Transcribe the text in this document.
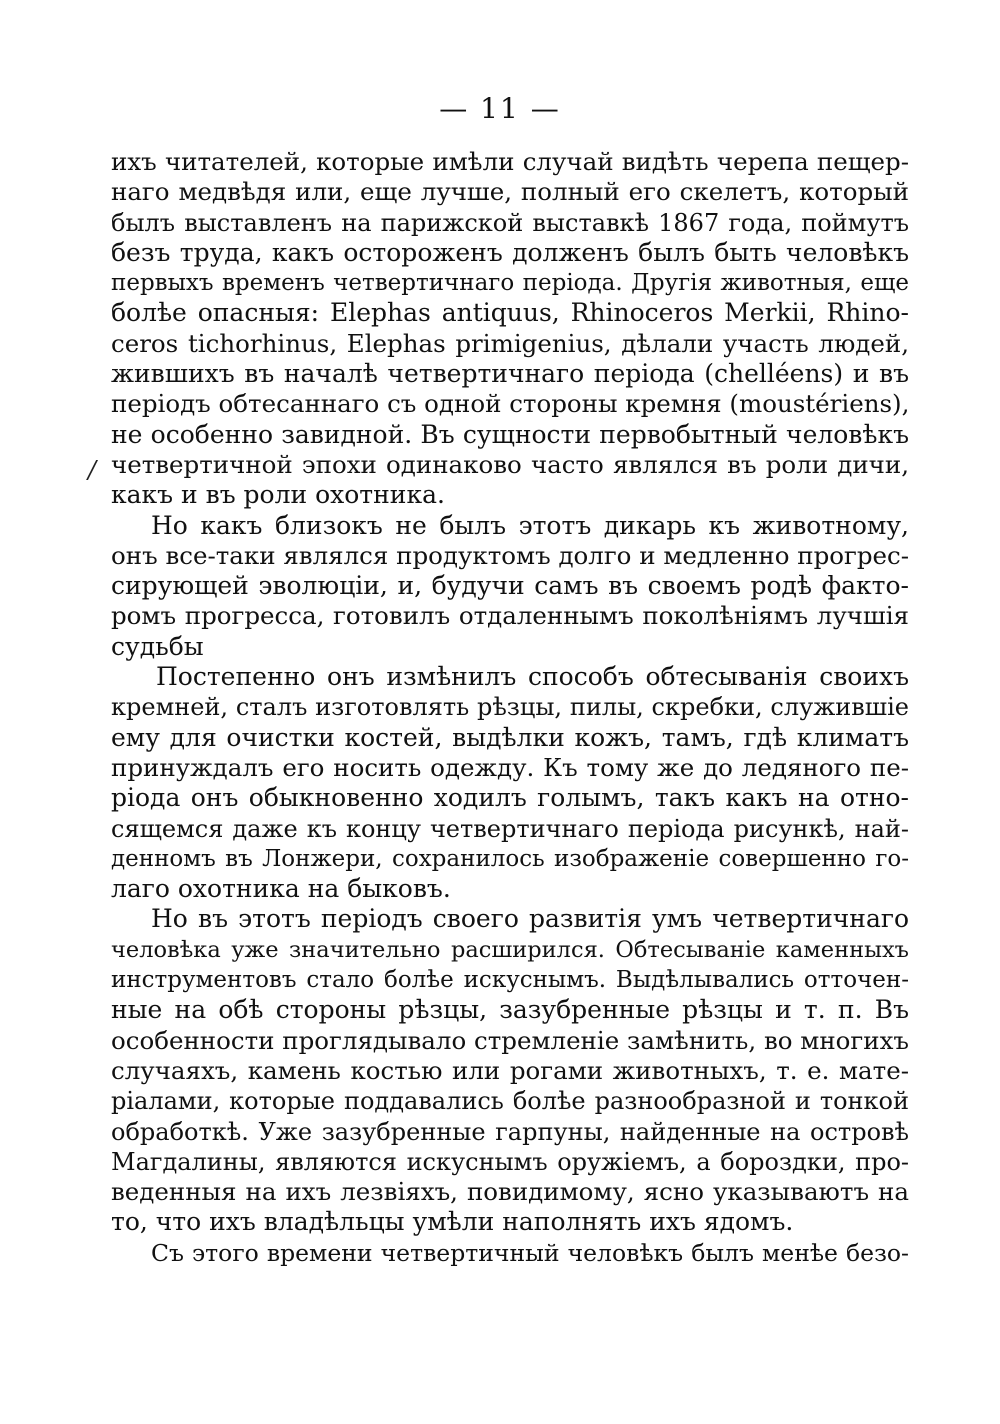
— 11 —
/
ихъ читателей, которые имѣли случай видѣть черепа пещер-
наго медвѣдя или, еще лучше, полный его скелетъ, который
былъ выставленъ на парижской выставкѣ 1867 года, поймутъ
безъ труда, какъ остороженъ долженъ былъ быть человѣкъ
первыхъ временъ четвертичнаго періода. Другія животныя, еще
болѣе опасныя: Elephas antiquus, Rhinoceros Merkii, Rhino-
ceros tichorhinus, Elephas primigenius, дѣлали участь людей,
жившихъ въ началѣ четвертичнаго періода (chelléens) и въ
періодъ обтесаннаго съ одной стороны кремня (moustériens),
не особенно завидной. Въ сущности первобытный человѣкъ
четвертичной эпохи одинаково часто являлся въ роли дичи,
какъ и въ роли охотника.
Но какъ близокъ не былъ этотъ дикарь къ животному,
онъ все-таки являлся продуктомъ долго и медленно прогрес-
сирующей эволюціи, и, будучи самъ въ своемъ родѣ факто-
ромъ прогресса, готовилъ отдаленнымъ поколѣніямъ лучшія
судьбы
Постепенно онъ измѣнилъ способъ обтесыванія своихъ
кремней, сталъ изготовлять рѣзцы, пилы, скребки, служившіе
ему для очистки костей, выдѣлки кожъ, тамъ, гдѣ климатъ
принуждалъ его носить одежду. Къ тому же до ледяного пе-
ріода онъ обыкновенно ходилъ голымъ, такъ какъ на отно-
сящемся даже къ концу четвертичнаго періода рисункѣ, най-
денномъ въ Лонжери, сохранилось изображеніе совершенно го-
лаго охотника на быковъ.
Но въ этотъ періодъ своего развитія умъ четвертичнаго
человѣка уже значительно расширился. Обтесываніе каменныхъ
инструментовъ стало болѣе искуснымъ. Выдѣлывались отточен-
ные на обѣ стороны рѣзцы, зазубренные рѣзцы и т. п. Въ
особенности проглядывало стремленіе замѣнить, во многихъ
случаяхъ, камень костью или рогами животныхъ, т. е. мате-
ріалами, которые поддавались болѣе разнообразной и тонкой
обработкѣ. Уже зазубренные гарпуны, найденные на островѣ
Магдалины, являются искуснымъ оружіемъ, а бороздки, про-
веденныя на ихъ лезвіяхъ, повидимому, ясно указываютъ на
то, что ихъ владѣльцы умѣли наполнять ихъ ядомъ.
Съ этого времени четвертичный человѣкъ былъ менѣе безо-
